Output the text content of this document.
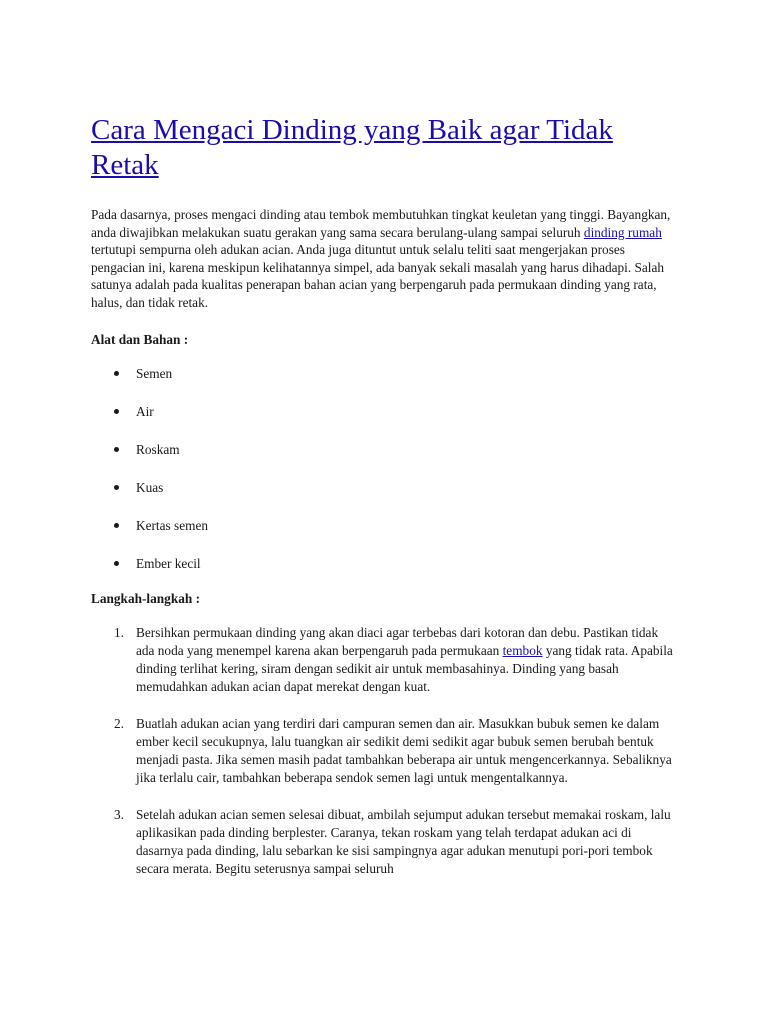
Cara Mengaci Dinding yang Baik agar Tidak Retak

Pada dasarnya, proses mengaci dinding atau tembok membutuhkan tingkat keuletan yang tinggi. Bayangkan, anda diwajibkan melakukan suatu gerakan yang sama secara berulang-ulang sampai seluruh dinding rumah tertutupi sempurna oleh adukan acian. Anda juga dituntut untuk selalu teliti saat mengerjakan proses pengacian ini, karena meskipun kelihatannya simpel, ada banyak sekali masalah yang harus dihadapi. Salah satunya adalah pada kualitas penerapan bahan acian yang berpengaruh pada permukaan dinding yang rata, halus, dan tidak retak.

Alat dan Bahan :

Semen
Air
Roskam
Kuas
Kertas semen
Ember kecil

Langkah-langkah :

1. Bersihkan permukaan dinding yang akan diaci agar terbebas dari kotoran dan debu. Pastikan tidak ada noda yang menempel karena akan berpengaruh pada permukaan tembok yang tidak rata. Apabila dinding terlihat kering, siram dengan sedikit air untuk membasahinya. Dinding yang basah memudahkan adukan acian dapat merekat dengan kuat.
2. Buatlah adukan acian yang terdiri dari campuran semen dan air. Masukkan bubuk semen ke dalam ember kecil secukupnya, lalu tuangkan air sedikit demi sedikit agar bubuk semen berubah bentuk menjadi pasta. Jika semen masih padat tambahkan beberapa air untuk mengencerkannya. Sebaliknya jika terlalu cair, tambahkan beberapa sendok semen lagi untuk mengentalkannya.
3. Setelah adukan acian semen selesai dibuat, ambilah sejumput adukan tersebut memakai roskam, lalu aplikasikan pada dinding berplester. Caranya, tekan roskam yang telah terdapat adukan aci di dasarnya pada dinding, lalu sebarkan ke sisi sampingnya agar adukan menutupi pori-pori tembok secara merata. Begitu seterusnya sampai seluruh
